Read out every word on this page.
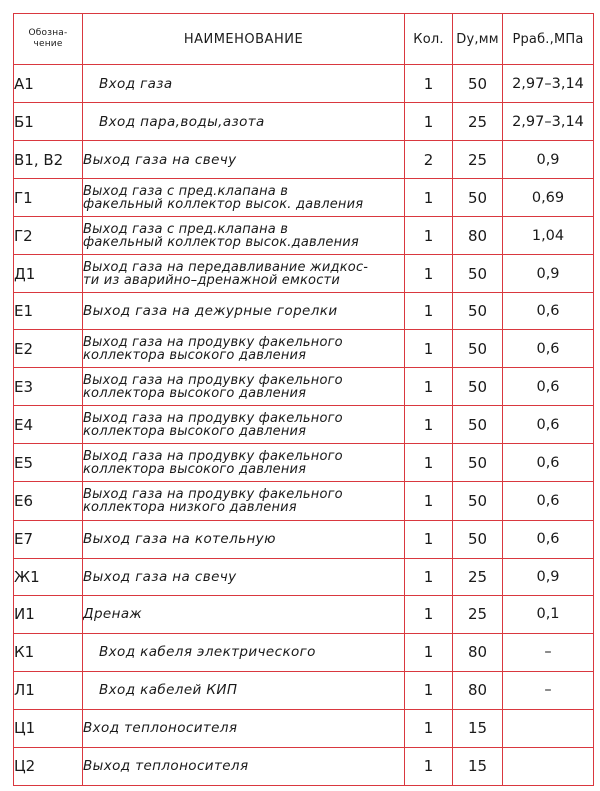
Обозна-
чение	НАИМЕНОВАНИЕ	Кол.	Dy,мм	Рраб.,МПа
А1	Вход газа	1	50	2,97–3,14
Б1	Вход пара,воды,азота	1	25	2,97–3,14
В1, В2	Выход газа на свечу	2	25	0,9
Г1	Выход газа с пред.клапана в
факельный коллектор высок. давления	1	50	0,69
Г2	Выход газа с пред.клапана в
факельный коллектор высок.давления	1	80	1,04
Д1	Выход газа на передавливание жидкос-
ти из аварийно–дренажной емкости	1	50	0,9
Е1	Выход газа на дежурные горелки	1	50	0,6
Е2	Выход газа на продувку факельного
коллектора высокого давления	1	50	0,6
Е3	Выход газа на продувку факельного
коллектора высокого давления	1	50	0,6
Е4	Выход газа на продувку факельного
коллектора высокого давления	1	50	0,6
Е5	Выход газа на продувку факельного
коллектора высокого давления	1	50	0,6
Е6	Выход газа на продувку факельного
коллектора низкого давления	1	50	0,6
Е7	Выход газа на котельную	1	50	0,6
Ж1	Выход газа на свечу	1	25	0,9
И1	Дренаж	1	25	0,1
К1	Вход кабеля электрического	1	80	–
Л1	Вход кабелей КИП	1	80	–
Ц1	Вход теплоносителя	1	15	
Ц2	Выход теплоносителя	1	15	
